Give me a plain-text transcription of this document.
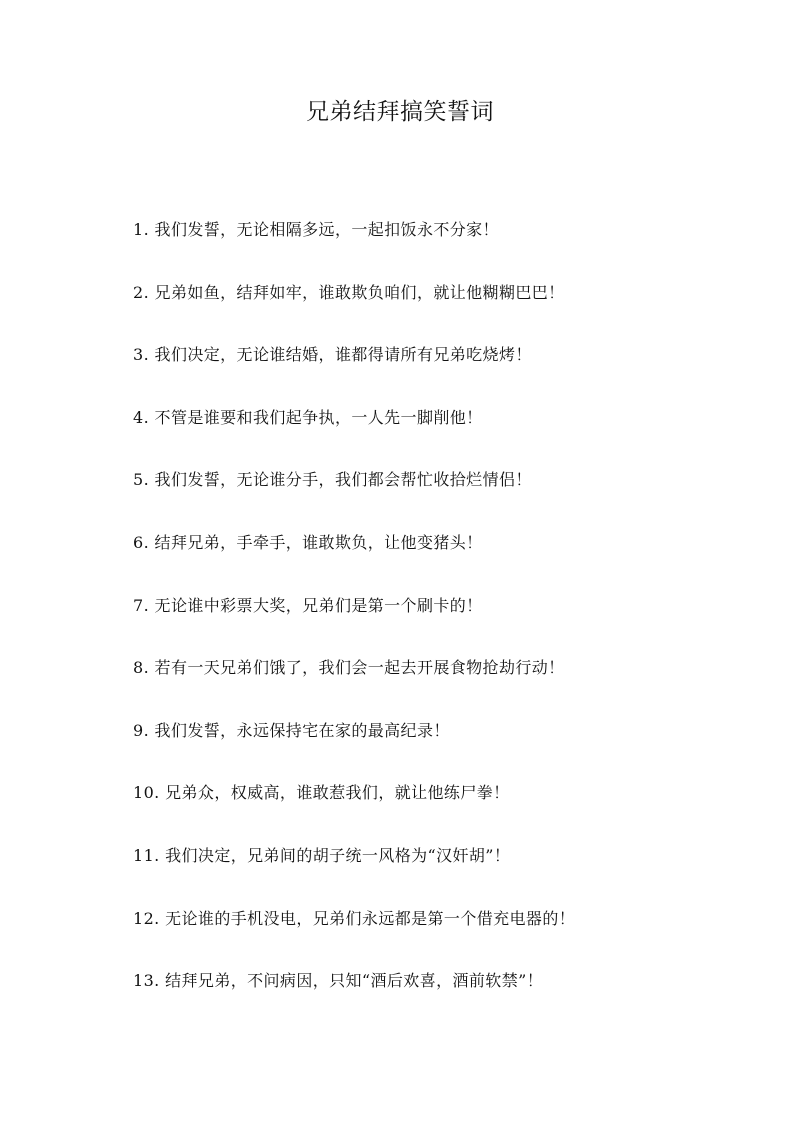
兄弟结拜搞笑誓词
1. 我们发誓，无论相隔多远，一起扣饭永不分家！
2. 兄弟如鱼，结拜如牢，谁敢欺负咱们，就让他糊糊巴巴！
3. 我们决定，无论谁结婚，谁都得请所有兄弟吃烧烤！
4. 不管是谁要和我们起争执，一人先一脚削他！
5. 我们发誓，无论谁分手，我们都会帮忙收拾烂情侣！
6. 结拜兄弟，手牵手，谁敢欺负，让他变猪头！
7. 无论谁中彩票大奖，兄弟们是第一个刷卡的！
8. 若有一天兄弟们饿了，我们会一起去开展食物抢劫行动！
9. 我们发誓，永远保持宅在家的最高纪录！
10. 兄弟众，权威高，谁敢惹我们，就让他练尸拳！
11. 我们决定，兄弟间的胡子统一风格为“汉奸胡”！
12. 无论谁的手机没电，兄弟们永远都是第一个借充电器的！
13. 结拜兄弟，不问病因，只知“酒后欢喜，酒前软禁”！
